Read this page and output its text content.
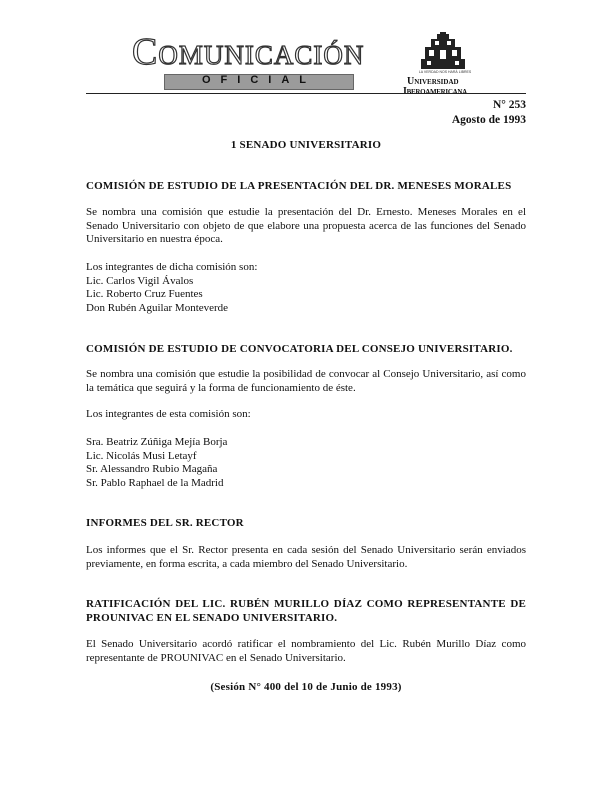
Comunicación
OFICIAL
LA VERDAD NOS HARÁ LIBRES
Universidad
Iberoamericana
N° 253
Agosto de 1993
1 SENADO UNIVERSITARIO
COMISIÓN DE ESTUDIO DE LA PRESENTACIÓN DEL DR. MENESES MORALES
Se nombra una comisión que estudie la presentación del Dr. Ernesto. Meneses Morales en el Senado Universitario con objeto de que elabore una propuesta acerca de las funciones del Senado Universitario en nuestra época.
Los integrantes de dicha comisión son:
Lic. Carlos Vigil Ávalos
Lic. Roberto Cruz Fuentes
Don Rubén Aguilar Monteverde
COMISIÓN DE ESTUDIO DE CONVOCATORIA DEL CONSEJO UNIVERSITARIO.
Se nombra una comisión que estudie la posibilidad de convocar al Consejo Universitario, así como la temática que seguirá y la forma de funcionamiento de éste.
Los integrantes de esta comisión son:
Sra. Beatriz Zúñiga Mejía Borja
Lic. Nicolás Musi Letayf
Sr. Alessandro Rubio Magaña
Sr. Pablo Raphael de la Madrid
INFORMES DEL SR. RECTOR
Los informes que el Sr. Rector presenta en cada sesión del Senado Universitario serán enviados previamente, en forma escrita, a cada miembro del Senado Universitario.
RATIFICACIÓN DEL LIC. RUBÉN MURILLO DÍAZ COMO REPRESENTANTE DE PROUNIVAC EN EL SENADO UNIVERSITARIO.
El Senado Universitario acordó ratificar el nombramiento del Lic. Rubén Murillo Díaz como representante de PROUNIVAC en el Senado Universitario.
(Sesión N° 400 del 10 de Junio de 1993)
